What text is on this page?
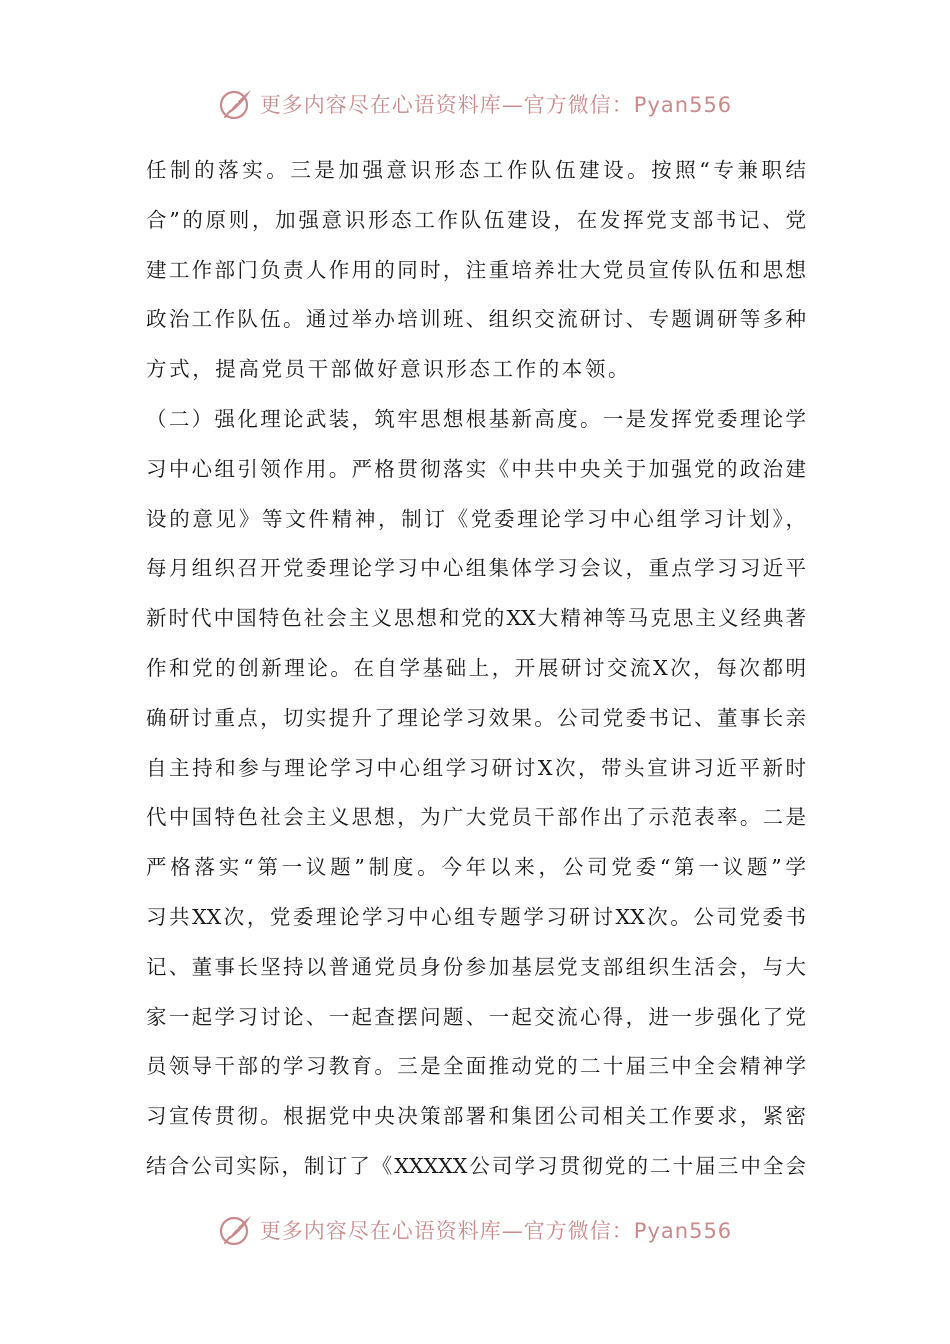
更多内容尽在心语资料库—官方微信：Pyan556
任制的落实。三是加强意识形态工作队伍建设。按照“专兼职结
合”的原则，加强意识形态工作队伍建设，在发挥党支部书记、党
建工作部门负责人作用的同时，注重培养壮大党员宣传队伍和思想
政治工作队伍。通过举办培训班、组织交流研讨、专题调研等多种
方式，提高党员干部做好意识形态工作的本领。
（二）强化理论武装，筑牢思想根基新高度。一是发挥党委理论学
习中心组引领作用。严格贯彻落实《中共中央关于加强党的政治建
设的意见》等文件精神，制订《党委理论学习中心组学习计划》，
每月组织召开党委理论学习中心组集体学习会议，重点学习习近平
新时代中国特色社会主义思想和党的XX大精神等马克思主义经典著
作和党的创新理论。在自学基础上，开展研讨交流X次，每次都明
确研讨重点，切实提升了理论学习效果。公司党委书记、董事长亲
自主持和参与理论学习中心组学习研讨X次，带头宣讲习近平新时
代中国特色社会主义思想，为广大党员干部作出了示范表率。二是
严格落实“第一议题”制度。今年以来，公司党委“第一议题”学
习共XX次，党委理论学习中心组专题学习研讨XX次。公司党委书
记、董事长坚持以普通党员身份参加基层党支部组织生活会，与大
家一起学习讨论、一起查摆问题、一起交流心得，进一步强化了党
员领导干部的学习教育。三是全面推动党的二十届三中全会精神学
习宣传贯彻。根据党中央决策部署和集团公司相关工作要求，紧密
结合公司实际，制订了《XXXXX公司学习贯彻党的二十届三中全会
更多内容尽在心语资料库—官方微信：Pyan556
